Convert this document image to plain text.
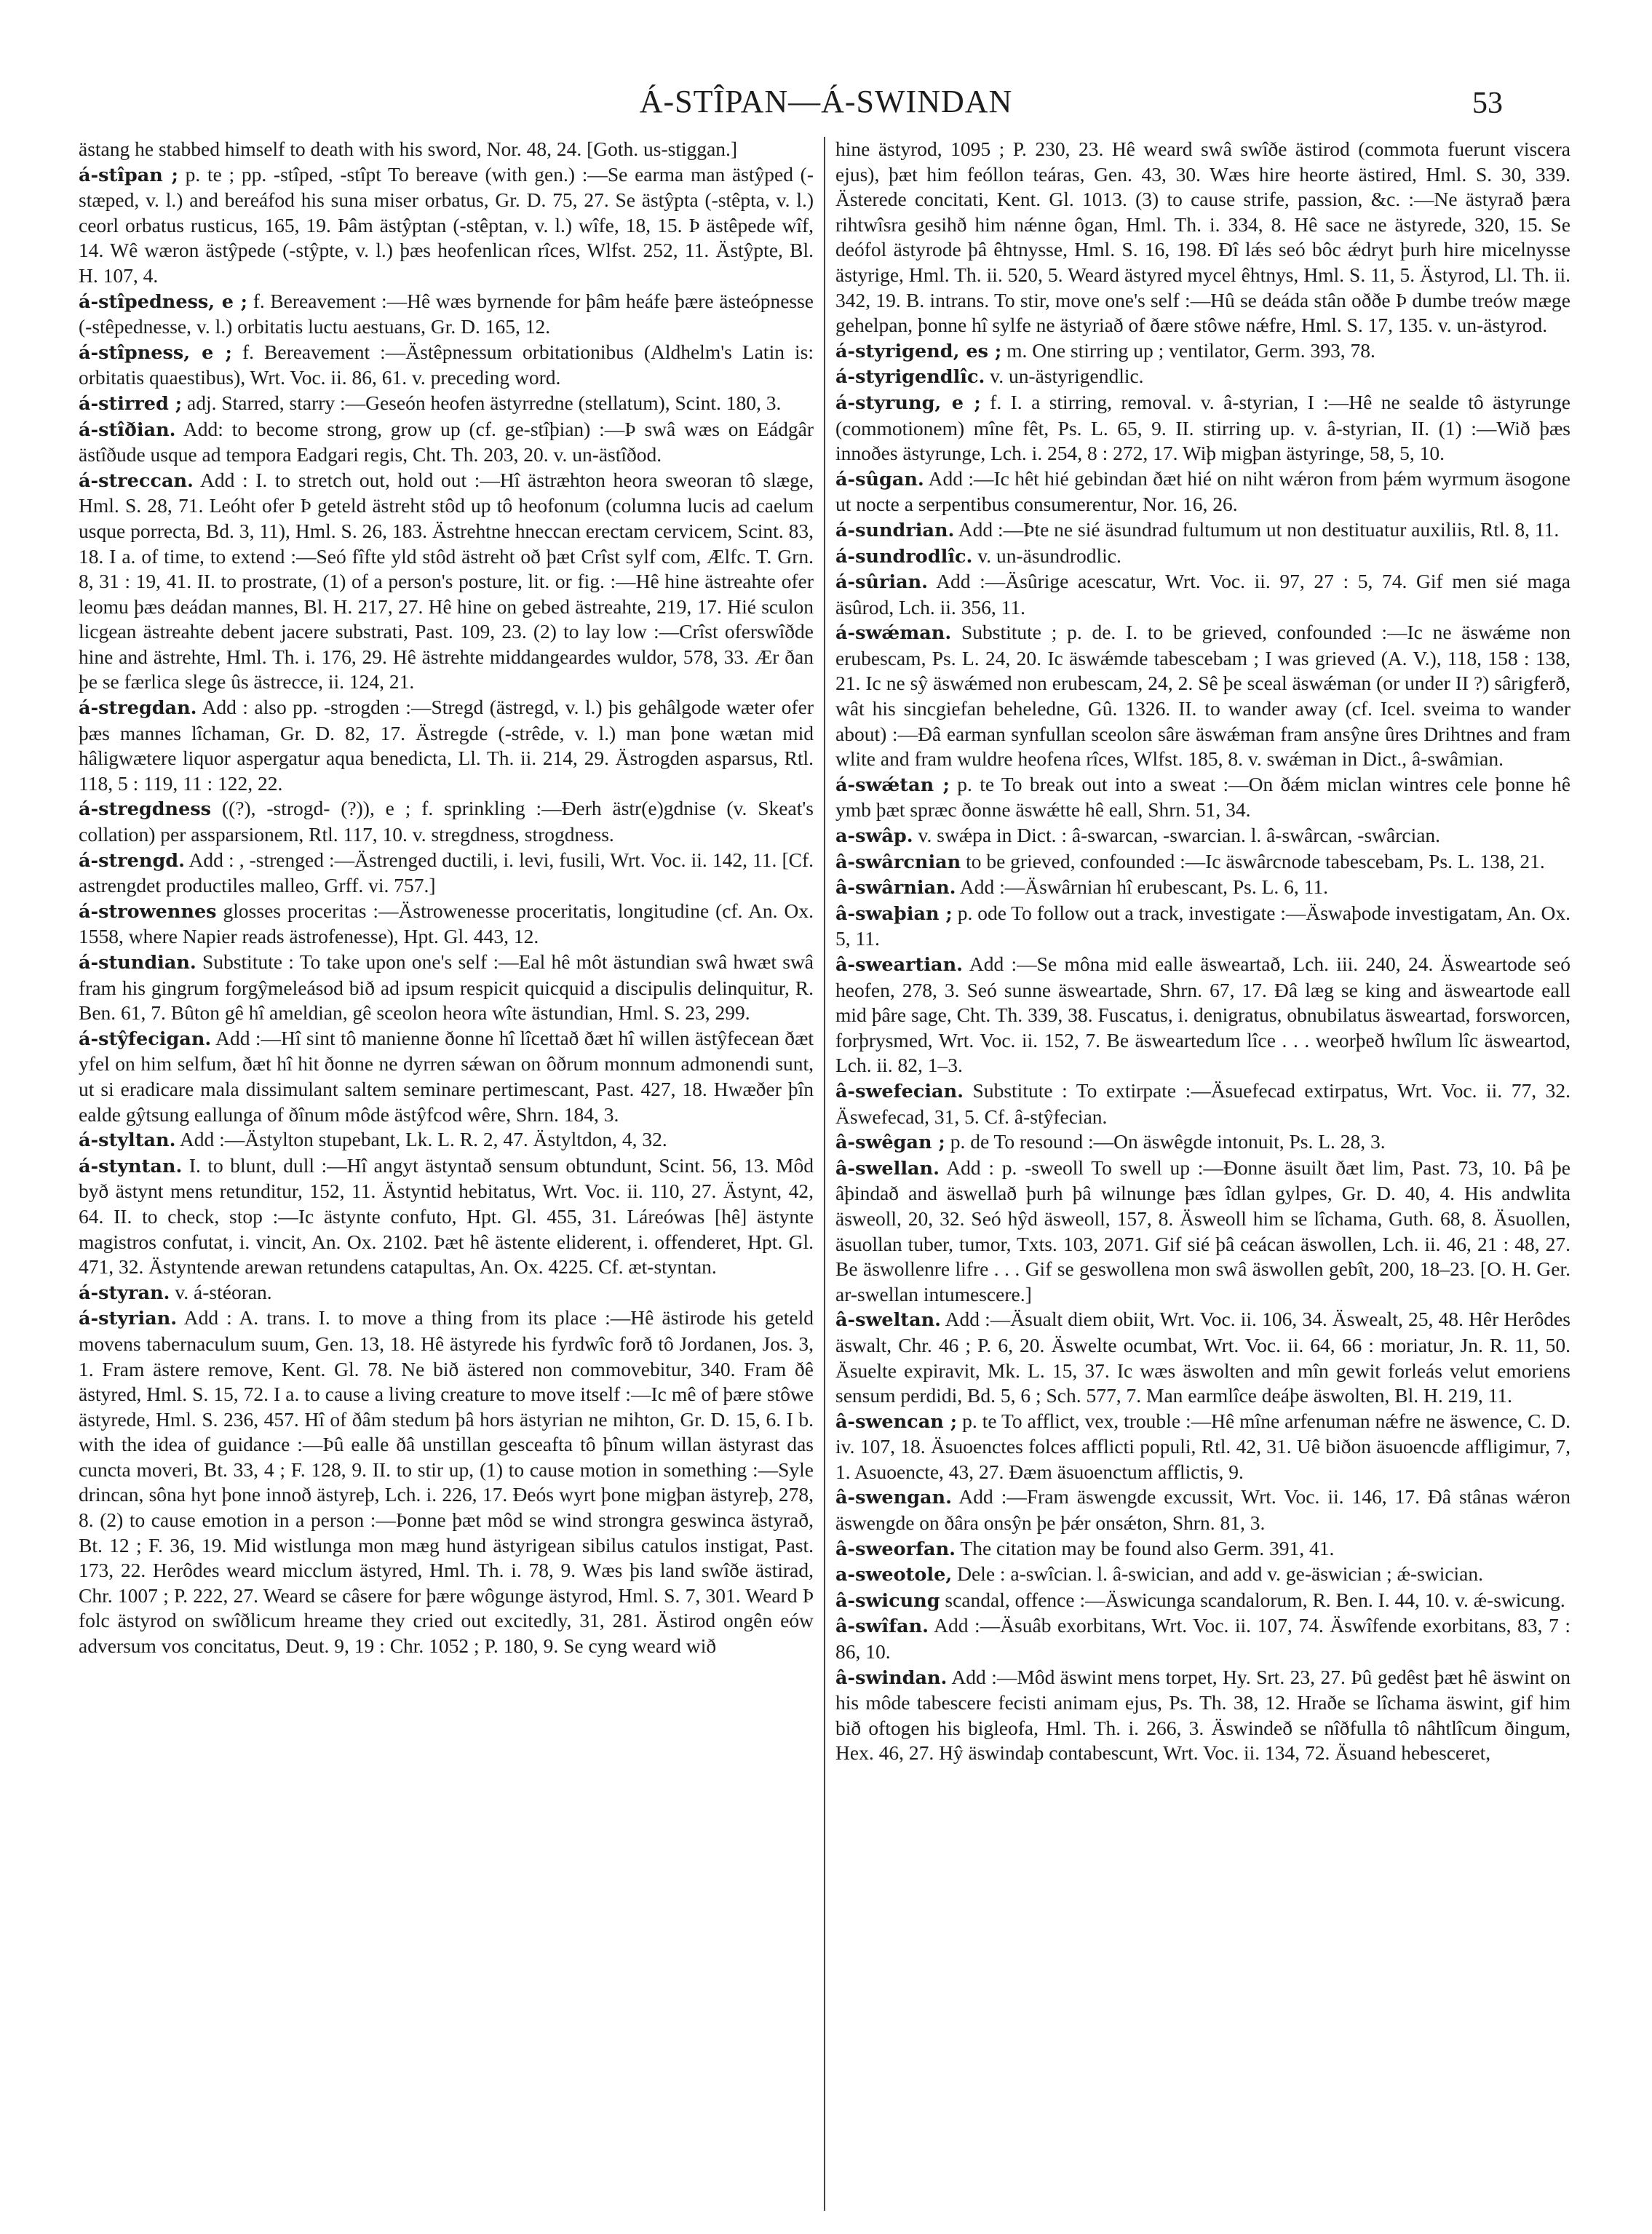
Á-STÎPAN—Á-SWINDAN	53

ästang he stabbed himself to death with his sword, Nor. 48, 24. [Goth. us-stiggan.]

á-stîpan ; p. te ; pp. -stîped, -stîpt To bereave (with gen.) :—Se earma man ästŷped (-stæped, v. l.) and bereáfod his suna miser orbatus, Gr. D. 75, 27. Se ästŷpta (-stêpta, v. l.) ceorl orbatus rusticus, 165, 19. Þâm ästŷptan (-stêptan, v. l.) wîfe, 18, 15. Þ ästêpede wîf, 14. Wê wæron ästŷpede (-stŷpte, v. l.) þæs heofenlican rîces, Wlfst. 252, 11. Ästŷpte, Bl. H. 107, 4.

á-stîpedness, e ; f. Bereavement :—Hê wæs byrnende for þâm heáfe þære ästeópnesse (-stêpednesse, v. l.) orbitatis luctu aestuans, Gr. D. 165, 12.

á-stîpness, e ; f. Bereavement :—Ästêpnessum orbitationibus (Aldhelm's Latin is: orbitatis quaestibus), Wrt. Voc. ii. 86, 61. v. preceding word.

á-stirred ; adj. Starred, starry :—Geseón heofen ästyrredne (stellatum), Scint. 180, 3.

á-stîðian. Add: to become strong, grow up (cf. ge-stîþian) :—Þ swâ wæs on Eádgâr ästîðude usque ad tempora Eadgari regis, Cht. Th. 203, 20. v. un-ästîðod.

á-streccan. Add : I. to stretch out, hold out :—Hî ästræhton heora sweoran tô slæge, Hml. S. 28, 71. Leóht ofer Þ geteld ästreht stôd up tô heofonum (columna lucis ad caelum usque porrecta, Bd. 3, 11), Hml. S. 26, 183. Ästrehtne hneccan erectam cervicem, Scint. 83, 18. I a. of time, to extend :—Seó fîfte yld stôd ästreht oð þæt Crîst sylf com, Ælfc. T. Grn. 8, 31 : 19, 41. II. to prostrate, (1) of a person's posture, lit. or fig. :—Hê hine ästreahte ofer leomu þæs deádan mannes, Bl. H. 217, 27. Hê hine on gebed ästreahte, 219, 17. Hié sculon licgean ästreahte debent jacere substrati, Past. 109, 23. (2) to lay low :—Crîst oferswîðde hine and ästrehte, Hml. Th. i. 176, 29. Hê ästrehte middangeardes wuldor, 578, 33. Ær ðan þe se færlica slege ûs ästrecce, ii. 124, 21.

á-stregdan. Add : also pp. -strogden :—Stregd (ästregd, v. l.) þis gehâlgode wæter ofer þæs mannes lîchaman, Gr. D. 82, 17. Ästregde (-strêde, v. l.) man þone wætan mid hâligwætere liquor aspergatur aqua benedicta, Ll. Th. ii. 214, 29. Ästrogden asparsus, Rtl. 118, 5 : 119, 11 : 122, 22.

á-stregdness ((?), -strogd- (?)), e ; f. sprinkling :—Ðerh ästr(e)gdnise (v. Skeat's collation) per assparsionem, Rtl. 117, 10. v. stregdness, strogdness.

á-strengd. Add : , -strenged :—Ästrenged ductili, i. levi, fusili, Wrt. Voc. ii. 142, 11. [Cf. astrengdet productiles malleo, Grff. vi. 757.]

á-strowennes glosses proceritas :—Ästrowenesse proceritatis, longitudine (cf. An. Ox. 1558, where Napier reads ästrofenesse), Hpt. Gl. 443, 12.

á-stundian. Substitute : To take upon one's self :—Eal hê môt ästundian swâ hwæt swâ fram his gingrum forgŷmeleásod bið ad ipsum respicit quicquid a discipulis delinquitur, R. Ben. 61, 7. Bûton gê hî ameldian, gê sceolon heora wîte ästundian, Hml. S. 23, 299.

á-stŷfecigan. Add :—Hî sint tô manienne ðonne hî lîcettað ðæt hî willen ästŷfecean ðæt yfel on him selfum, ðæt hî hit ðonne ne dyrren sǽwan on ôðrum monnum admonendi sunt, ut si eradicare mala dissimulant saltem seminare pertimescant, Past. 427, 18. Hwæðer þîn ealde gŷtsung eallunga of ðînum môde ästŷfcod wêre, Shrn. 184, 3.

á-styltan. Add :—Ästylton stupebant, Lk. L. R. 2, 47. Ästyltdon, 4, 32.

á-styntan. I. to blunt, dull :—Hî angyt ästyntað sensum obtundunt, Scint. 56, 13. Môd byð ästynt mens retunditur, 152, 11. Ästyntid hebitatus, Wrt. Voc. ii. 110, 27. Ästynt, 42, 64. II. to check, stop :—Ic ästynte confuto, Hpt. Gl. 455, 31. Láreówas [hê] ästynte magistros confutat, i. vincit, An. Ox. 2102. Þæt hê ästente eliderent, i. offenderet, Hpt. Gl. 471, 32. Ästyntende arewan retundens catapultas, An. Ox. 4225. Cf. æt-styntan.

á-styran. v. á-stéoran.

á-styrian. Add : A. trans. I. to move a thing from its place :—Hê ästirode his geteld movens tabernaculum suum, Gen. 13, 18. Hê ästyrede his fyrdwîc forð tô Jordanen, Jos. 3, 1. Fram ästere remove, Kent. Gl. 78. Ne bið ästered non commovebitur, 340. Fram ðê ästyred, Hml. S. 15, 72. I a. to cause a living creature to move itself :—Ic mê of þære stôwe ästyrede, Hml. S. 236, 457. Hî of ðâm stedum þâ hors ästyrian ne mihton, Gr. D. 15, 6. I b. with the idea of guidance :—Þû ealle ðâ unstillan gesceafta tô þînum willan ästyrast das cuncta moveri, Bt. 33, 4 ; F. 128, 9. II. to stir up, (1) to cause motion in something :—Syle drincan, sôna hyt þone innoð ästyreþ, Lch. i. 226, 17. Ðeós wyrt þone migþan ästyreþ, 278, 8. (2) to cause emotion in a person :—Þonne þæt môd se wind strongra geswinca ästyrað, Bt. 12 ; F. 36, 19. Mid wistlunga mon mæg hund ästyrigean sibilus catulos instigat, Past. 173, 22. Herôdes weard micclum ästyred, Hml. Th. i. 78, 9. Wæs þis land swîðe ästirad, Chr. 1007 ; P. 222, 27. Weard se câsere for þære wôgunge ästyrod, Hml. S. 7, 301. Weard Þ folc ästyrod on swîðlicum hreame they cried out excitedly, 31, 281. Ästirod ongên eów adversum vos concitatus, Deut. 9, 19 : Chr. 1052 ; P. 180, 9. Se cyng weard wið

hine ästyrod, 1095 ; P. 230, 23. Hê weard swâ swîðe ästirod (commota fuerunt viscera ejus), þæt him feóllon teáras, Gen. 43, 30. Wæs hire heorte ästired, Hml. S. 30, 339. Ästerede concitati, Kent. Gl. 1013. (3) to cause strife, passion, &c. :—Ne ästyrað þæra rihtwîsra gesihð him nǽnne ôgan, Hml. Th. i. 334, 8. Hê sace ne ästyrede, 320, 15. Se deófol ästyrode þâ êhtnysse, Hml. S. 16, 198. Ðî lǽs seó bôc ǽdryt þurh hire micelnysse ästyrige, Hml. Th. ii. 520, 5. Weard ästyred mycel êhtnys, Hml. S. 11, 5. Ästyrod, Ll. Th. ii. 342, 19. B. intrans. To stir, move one's self :—Hû se deáda stân oððe Þ dumbe treów mæge gehelpan, þonne hî sylfe ne ästyriað of ðære stôwe nǽfre, Hml. S. 17, 135. v. un-ästyrod.

á-styrigend, es ; m. One stirring up ; ventilator, Germ. 393, 78.

á-styrigendlîc. v. un-ästyrigendlic.

á-styrung, e ; f. I. a stirring, removal. v. â-styrian, I :—Hê ne sealde tô ästyrunge (commotionem) mîne fêt, Ps. L. 65, 9. II. stirring up. v. â-styrian, II. (1) :—Wið þæs innoðes ästyrunge, Lch. i. 254, 8 : 272, 17. Wiþ migþan ästyringe, 58, 5, 10.

á-sûgan. Add :—Ic hêt hié gebindan ðæt hié on niht wǽron from þǽm wyrmum äsogone ut nocte a serpentibus consumerentur, Nor. 16, 26.

á-sundrian. Add :—Þte ne sié äsundrad fultumum ut non destituatur auxiliis, Rtl. 8, 11.

á-sundrodlîc. v. un-äsundrodlic.

á-sûrian. Add :—Äsûrige acescatur, Wrt. Voc. ii. 97, 27 : 5, 74. Gif men sié maga äsûrod, Lch. ii. 356, 11.

á-swǽman. Substitute ; p. de. I. to be grieved, confounded :—Ic ne äswǽme non erubescam, Ps. L. 24, 20. Ic äswǽmde tabescebam ; I was grieved (A. V.), 118, 158 : 138, 21. Ic ne sŷ äswǽmed non erubescam, 24, 2. Sê þe sceal äswǽman (or under II ?) sârigferð, wât his sincgiefan beheledne, Gû. 1326. II. to wander away (cf. Icel. sveima to wander about) :—Ðâ earman synfullan sceolon sâre äswǽman fram ansŷne ûres Drihtnes and fram wlite and fram wuldre heofena rîces, Wlfst. 185, 8. v. swǽman in Dict., â-swâmian.

á-swǽtan ; p. te To break out into a sweat :—On ðǽm miclan wintres cele þonne hê ymb þæt spræc ðonne äswǽtte hê eall, Shrn. 51, 34.

a-swâp. v. swǽpa in Dict. : â-swarcan, -swarcian. l. â-swârcan, -swârcian.

â-swârcnian to be grieved, confounded :—Ic äswârcnode tabescebam, Ps. L. 138, 21.

â-swârnian. Add :—Äswârnian hî erubescant, Ps. L. 6, 11.

â-swaþian ; p. ode To follow out a track, investigate :—Äswaþode investigatam, An. Ox. 5, 11.

â-sweartian. Add :—Se môna mid ealle äsweartað, Lch. iii. 240, 24. Äsweartode seó heofen, 278, 3. Seó sunne äsweartade, Shrn. 67, 17. Ðâ læg se king and äsweartode eall mid þâre sage, Cht. Th. 339, 38. Fuscatus, i. denigratus, obnubilatus äsweartad, forsworcen, forþrysmed, Wrt. Voc. ii. 152, 7. Be äsweartedum lîce . . . weorþeð hwîlum lîc äsweartod, Lch. ii. 82, 1–3.

â-swefecian. Substitute : To extirpate :—Äsuefecad extirpatus, Wrt. Voc. ii. 77, 32. Äswefecad, 31, 5. Cf. â-stŷfecian.

â-swêgan ; p. de To resound :—On äswêgde intonuit, Ps. L. 28, 3.

â-swellan. Add : p. -sweoll To swell up :—Ðonne äsuilt ðæt lim, Past. 73, 10. Þâ þe âþindað and äswellað þurh þâ wilnunge þæs îdlan gylpes, Gr. D. 40, 4. His andwlita äsweoll, 20, 32. Seó hŷd äsweoll, 157, 8. Äsweoll him se lîchama, Guth. 68, 8. Äsuollen, äsuollan tuber, tumor, Txts. 103, 2071. Gif sié þâ ceácan äswollen, Lch. ii. 46, 21 : 48, 27. Be äswollenre lifre . . . Gif se geswollena mon swâ äswollen gebît, 200, 18–23. [O. H. Ger. ar-swellan intumescere.]

â-sweltan. Add :—Äsualt diem obiit, Wrt. Voc. ii. 106, 34. Äswealt, 25, 48. Hêr Herôdes äswalt, Chr. 46 ; P. 6, 20. Äswelte ocumbat, Wrt. Voc. ii. 64, 66 : moriatur, Jn. R. 11, 50. Äsuelte expiravit, Mk. L. 15, 37. Ic wæs äswolten and mîn gewit forleás velut emoriens sensum perdidi, Bd. 5, 6 ; Sch. 577, 7. Man earmlîce deáþe äswolten, Bl. H. 219, 11.

â-swencan ; p. te To afflict, vex, trouble :—Hê mîne arfenuman nǽfre ne äswence, C. D. iv. 107, 18. Äsuoenctes folces afflicti populi, Rtl. 42, 31. Uê biðon äsuoencde affligimur, 7, 1. Asuoencte, 43, 27. Ðæm äsuoenctum afflictis, 9.

â-swengan. Add :—Fram äswengde excussit, Wrt. Voc. ii. 146, 17. Ðâ stânas wǽron äswengde on ðâra onsŷn þe þǽr onsǽton, Shrn. 81, 3.

â-sweorfan. The citation may be found also Germ. 391, 41.

a-sweotole, Dele : a-swîcian. l. â-swician, and add v. ge-äswician ; ǽ-swician.

â-swicung scandal, offence :—Äswicunga scandalorum, R. Ben. I. 44, 10. v. ǽ-swicung.

â-swîfan. Add :—Äsuâb exorbitans, Wrt. Voc. ii. 107, 74. Äswîfende exorbitans, 83, 7 : 86, 10.

â-swindan. Add :—Môd äswint mens torpet, Hy. Srt. 23, 27. Þû gedêst þæt hê äswint on his môde tabescere fecisti animam ejus, Ps. Th. 38, 12. Hraðe se lîchama äswint, gif him bið oftogen his bigleofa, Hml. Th. i. 266, 3. Äswindeð se nîðfulla tô nâhtlîcum ðingum, Hex. 46, 27. Hŷ äswindaþ contabescunt, Wrt. Voc. ii. 134, 72. Äsuand hebesceret,
